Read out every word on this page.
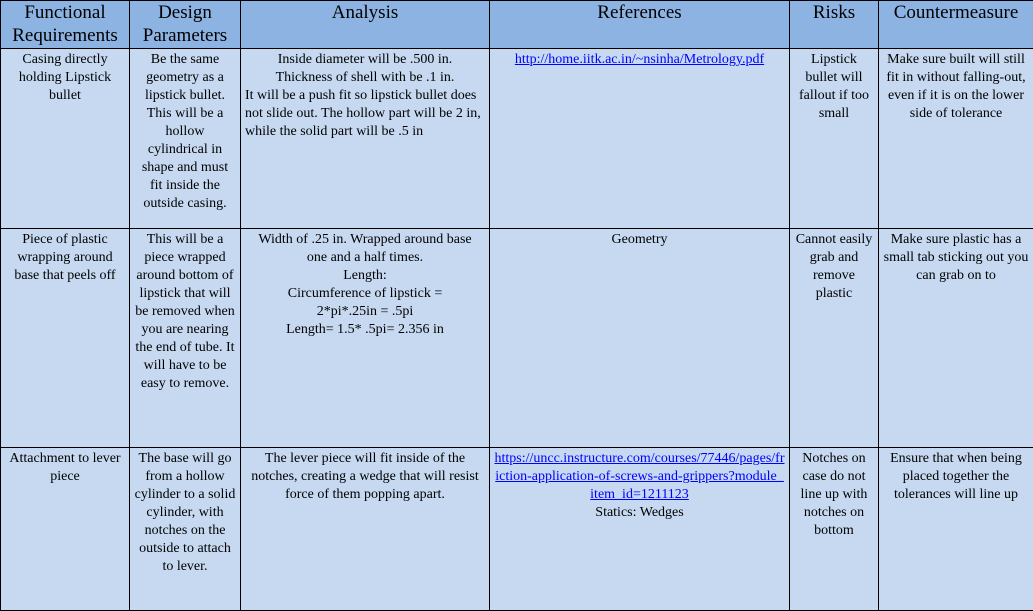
Functional Requirements	Design Parameters	Analysis	References	Risks	Countermeasure

Casing directly holding Lipstick bullet	Be the same geometry as a lipstick bullet. This will be a hollow cylindrical in shape and must fit inside the outside casing.	Inside diameter will be .500 in. Thickness of shell with be .1 in.
It will be a push fit so lipstick bullet does not slide out. The hollow part will be 2 in, while the solid part will be .5 in	http://home.iitk.ac.in/~nsinha/Metrology.pdf	Lipstick bullet will fallout if too small	Make sure built will still fit in without falling-out, even if it is on the lower side of tolerance

Piece of plastic wrapping around base that peels off	This will be a piece wrapped around bottom of lipstick that will be removed when you are nearing the end of tube. It will have to be easy to remove.	Width of .25 in. Wrapped around base one and a half times.
Length:
Circumference of lipstick = 2*pi*.25in = .5pi
Length= 1.5* .5pi= 2.356 in	Geometry	Cannot easily grab and remove plastic	Make sure plastic has a small tab sticking out you can grab on to

Attachment to lever piece	The base will go from a hollow cylinder to a solid cylinder, with notches on the outside to attach to lever.	The lever piece will fit inside of the notches, creating a wedge that will resist force of them popping apart.	https://uncc.instructure.com/courses/77446/pages/friction-application-of-screws-and-grippers?module_item_id=1211123
Statics: Wedges	Notches on case do not line up with notches on bottom	Ensure that when being placed together the tolerances will line up
